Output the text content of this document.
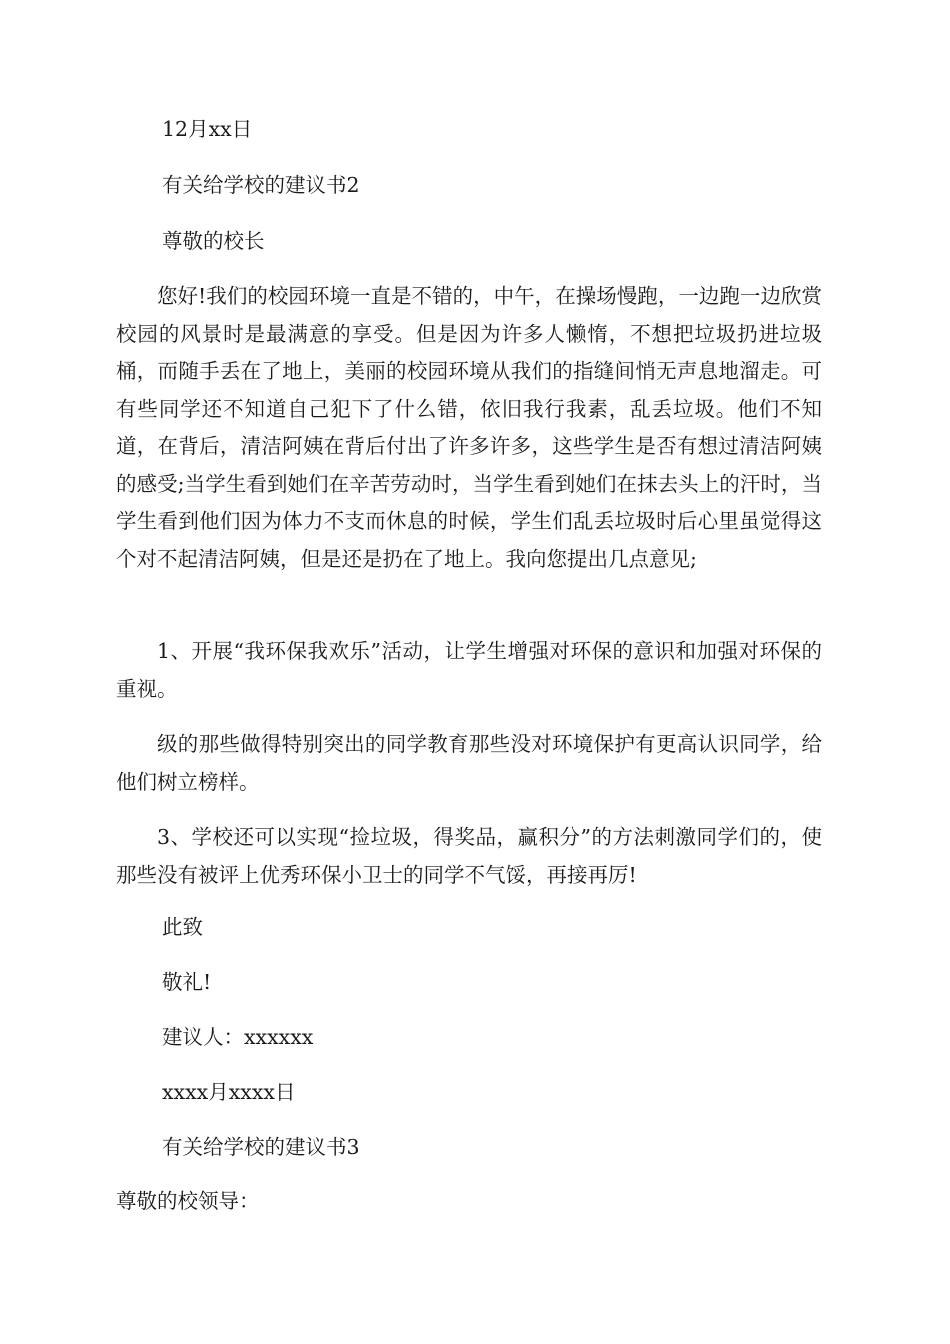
12月xx日

有关给学校的建议书2

尊敬的校长

您好!我们的校园环境一直是不错的，中午，在操场慢跑，一边跑一边欣赏校园的风景时是最满意的享受。但是因为许多人懒惰，不想把垃圾扔进垃圾桶，而随手丢在了地上，美丽的校园环境从我们的指缝间悄无声息地溜走。可有些同学还不知道自己犯下了什么错，依旧我行我素，乱丢垃圾。他们不知道，在背后，清洁阿姨在背后付出了许多许多，这些学生是否有想过清洁阿姨的感受;当学生看到她们在辛苦劳动时，当学生看到她们在抹去头上的汗时，当学生看到他们因为体力不支而休息的时候，学生们乱丢垃圾时后心里虽觉得这个对不起清洁阿姨，但是还是扔在了地上。我向您提出几点意见;

1、开展“我环保我欢乐”活动，让学生增强对环保的意识和加强对环保的重视。

级的那些做得特别突出的同学教育那些没对环境保护有更高认识同学，给他们树立榜样。

3、学校还可以实现“捡垃圾，得奖品，赢积分”的方法刺激同学们的，使那些没有被评上优秀环保小卫士的同学不气馁，再接再厉!

此致

敬礼!

建议人：xxxxxx

xxxx月xxxx日

有关给学校的建议书3

尊敬的校领导：
